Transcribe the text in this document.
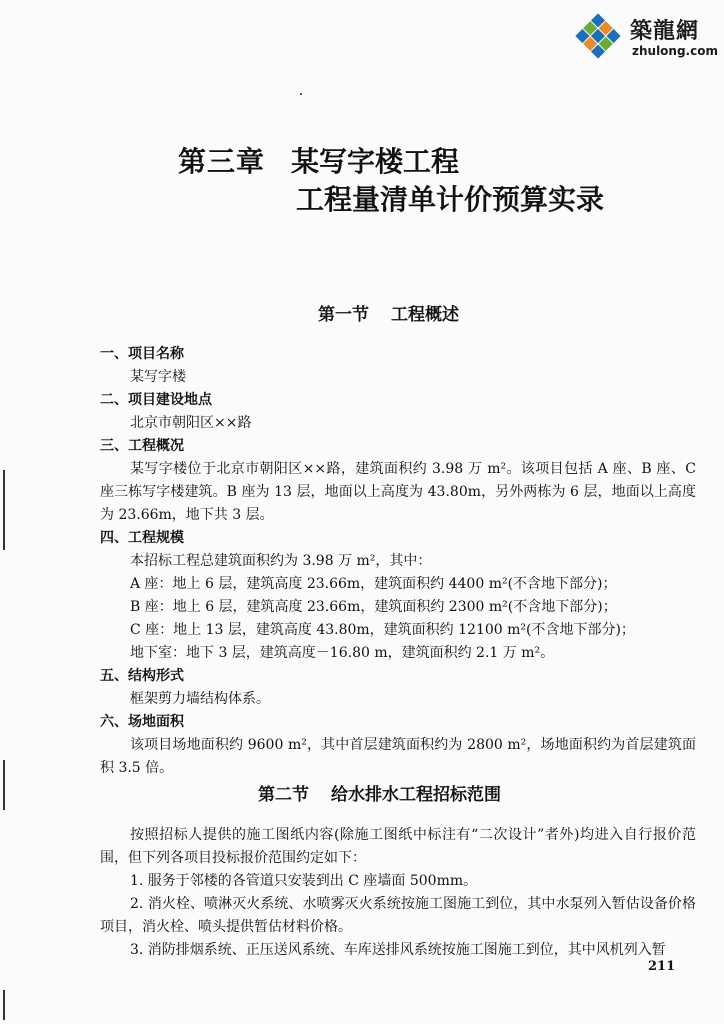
築龍網
zhulong.com
第三章 某写字楼工程
工程量清单计价预算实录
第一节 工程概述
一、项目名称
某写字楼
二、项目建设地点
北京市朝阳区××路
三、工程概况
某写字楼位于北京市朝阳区××路，建筑面积约 3.98 万 m²。该项目包括 A 座、B 座、C 座三栋写字楼建筑。B 座为 13 层，地面以上高度为 43.80m，另外两栋为 6 层，地面以上高度为 23.66m，地下共 3 层。
四、工程规模
本招标工程总建筑面积约为 3.98 万 m²，其中：
A 座：地上 6 层，建筑高度 23.66m，建筑面积约 4400 m²(不含地下部分)；
B 座：地上 6 层，建筑高度 23.66m，建筑面积约 2300 m²(不含地下部分)；
C 座：地上 13 层，建筑高度 43.80m，建筑面积约 12100 m²(不含地下部分)；
地下室：地下 3 层，建筑高度－16.80 m，建筑面积约 2.1 万 m²。
五、结构形式
框架剪力墙结构体系。
六、场地面积
该项目场地面积约 9600 m²，其中首层建筑面积约为 2800 m²，场地面积约为首层建筑面积 3.5 倍。
第二节 给水排水工程招标范围
按照招标人提供的施工图纸内容(除施工图纸中标注有“二次设计”者外)均进入自行报价范围，但下列各项目投标报价范围约定如下：
1. 服务于邻楼的各管道只安装到出 C 座墙面 500mm。
2. 消火栓、喷淋灭火系统、水喷雾灭火系统按施工图施工到位，其中水泵列入暂估设备价格项目，消火栓、喷头提供暂估材料价格。
3. 消防排烟系统、正压送风系统、车库送排风系统按施工图施工到位，其中风机列入暂
211
